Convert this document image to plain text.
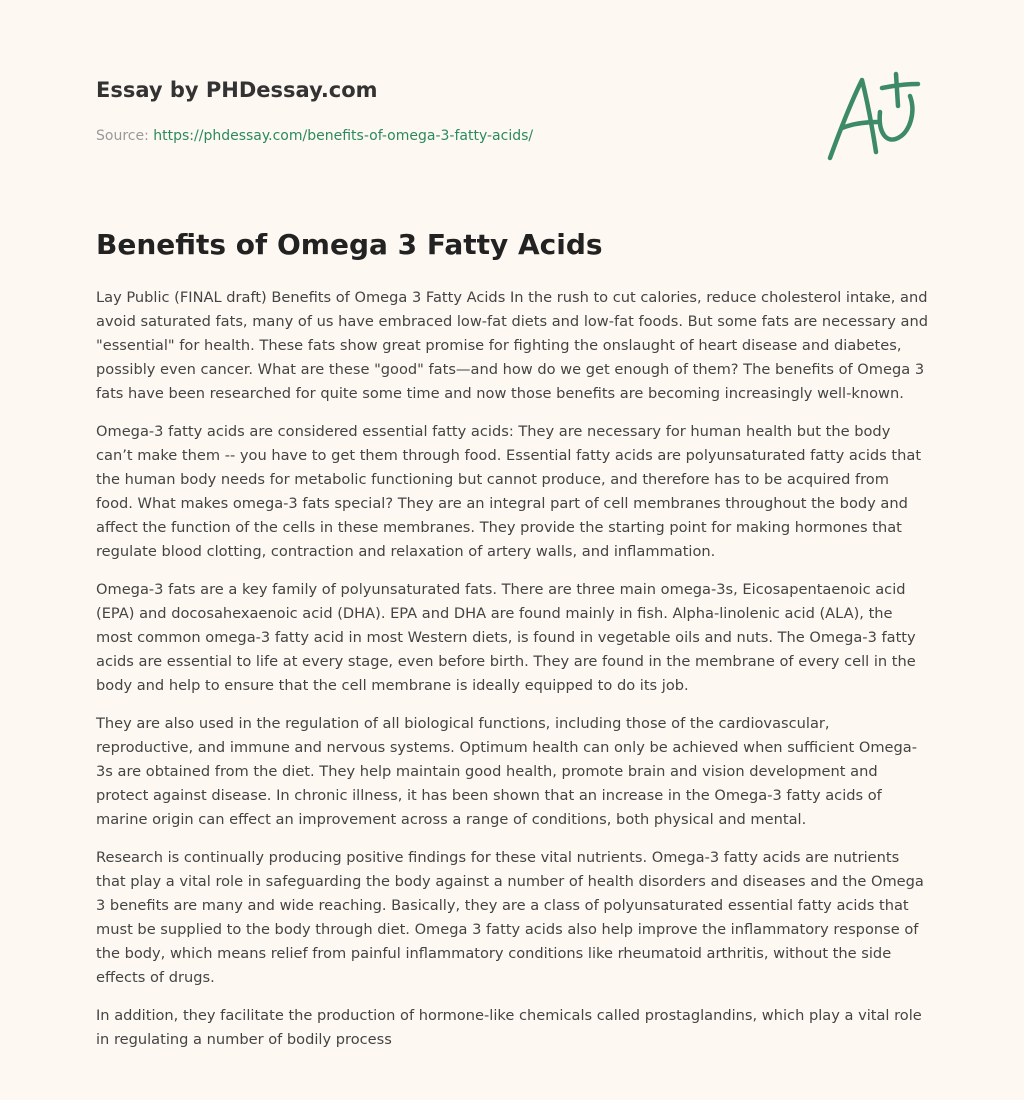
Essay by PHDessay.com
Source: https://phdessay.com/benefits-of-omega-3-fatty-acids/
Benefits of Omega 3 Fatty Acids

Lay Public (FINAL draft) Benefits of Omega 3 Fatty Acids In the rush to cut calories, reduce cholesterol intake, and avoid saturated fats, many of us have embraced low-fat diets and low-fat foods. But some fats are necessary and "essential" for health. These fats show great promise for fighting the onslaught of heart disease and diabetes, possibly even cancer. What are these "good" fats—and how do we get enough of them? The benefits of Omega 3 fats have been researched for quite some time and now those benefits are becoming increasingly well-known.

Omega-3 fatty acids are considered essential fatty acids: They are necessary for human health but the body can’t make them -- you have to get them through food. Essential fatty acids are polyunsaturated fatty acids that the human body needs for metabolic functioning but cannot produce, and therefore has to be acquired from food. What makes omega-3 fats special? They are an integral part of cell membranes throughout the body and affect the function of the cells in these membranes. They provide the starting point for making hormones that regulate blood clotting, contraction and relaxation of artery walls, and inflammation.

Omega-3 fats are a key family of polyunsaturated fats. There are three main omega-3s, Eicosapentaenoic acid (EPA) and docosahexaenoic acid (DHA). EPA and DHA are found mainly in fish. Alpha-linolenic acid (ALA), the most common omega-3 fatty acid in most Western diets, is found in vegetable oils and nuts. The Omega-3 fatty acids are essential to life at every stage, even before birth. They are found in the membrane of every cell in the body and help to ensure that the cell membrane is ideally equipped to do its job.

They are also used in the regulation of all biological functions, including those of the cardiovascular, reproductive, and immune and nervous systems. Optimum health can only be achieved when sufficient Omega-3s are obtained from the diet. They help maintain good health, promote brain and vision development and protect against disease. In chronic illness, it has been shown that an increase in the Omega-3 fatty acids of marine origin can effect an improvement across a range of conditions, both physical and mental.

Research is continually producing positive findings for these vital nutrients. Omega-3 fatty acids are nutrients that play a vital role in safeguarding the body against a number of health disorders and diseases and the Omega 3 benefits are many and wide reaching. Basically, they are a class of polyunsaturated essential fatty acids that must be supplied to the body through diet. Omega 3 fatty acids also help improve the inflammatory response of the body, which means relief from painful inflammatory conditions like rheumatoid arthritis, without the side effects of drugs.

In addition, they facilitate the production of hormone-like chemicals called prostaglandins, which play a vital role in regulating a number of bodily process
